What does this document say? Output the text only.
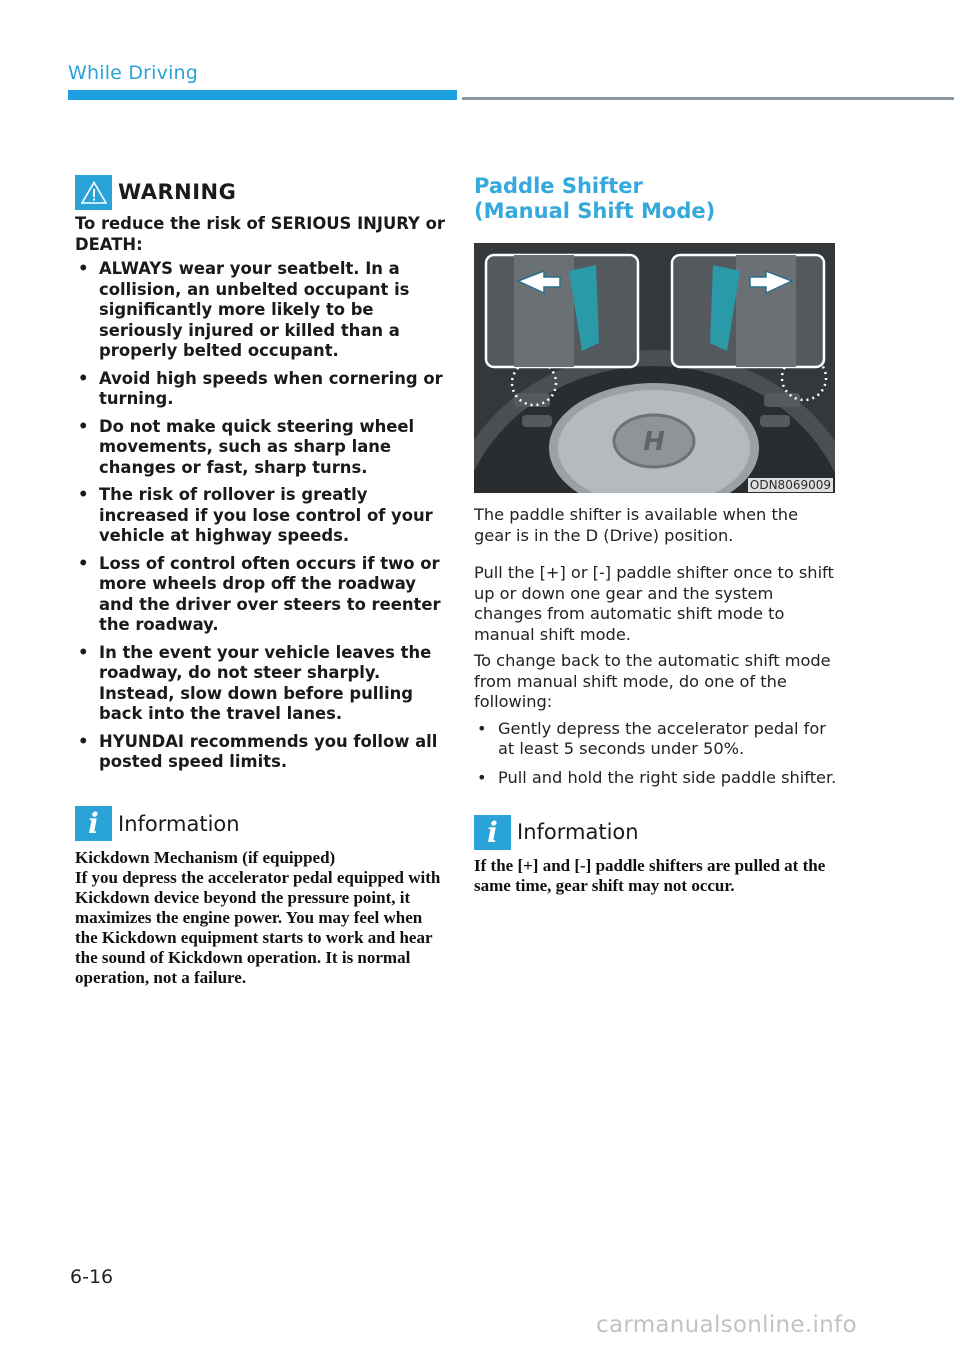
While Driving
WARNING
To reduce the risk of SERIOUS INJURY or DEATH:
• ALWAYS wear your seatbelt. In a collision, an unbelted occupant is significantly more likely to be seriously injured or killed than a properly belted occupant.
• Avoid high speeds when cornering or turning.
• Do not make quick steering wheel movements, such as sharp lane changes or fast, sharp turns.
• The risk of rollover is greatly increased if you lose control of your vehicle at highway speeds.
• Loss of control often occurs if two or more wheels drop off the roadway and the driver over steers to reenter the roadway.
• In the event your vehicle leaves the roadway, do not steer sharply. Instead, slow down before pulling back into the travel lanes.
• HYUNDAI recommends you follow all posted speed limits.
i Information
Kickdown Mechanism (if equipped)
If you depress the accelerator pedal equipped with Kickdown device beyond the pressure point, it maximizes the engine power. You may feel when the Kickdown equipment starts to work and hear the sound of Kickdown operation. It is normal operation, not a failure.
Paddle Shifter
(Manual Shift Mode)
H
ODN8069009

The paddle shifter is available when the gear is in the D (Drive) position.

Pull the [+] or [-] paddle shifter once to shift up or down one gear and the system changes from automatic shift mode to manual shift mode.

To change back to the automatic shift mode from manual shift mode, do one of the following:

• Gently depress the accelerator pedal for at least 5 seconds under 50%.
• Pull and hold the right side paddle shifter.
i Information
If the [+] and [-] paddle shifters are pulled at the same time, gear shift may not occur.
6-16
carmanualsonline.info
